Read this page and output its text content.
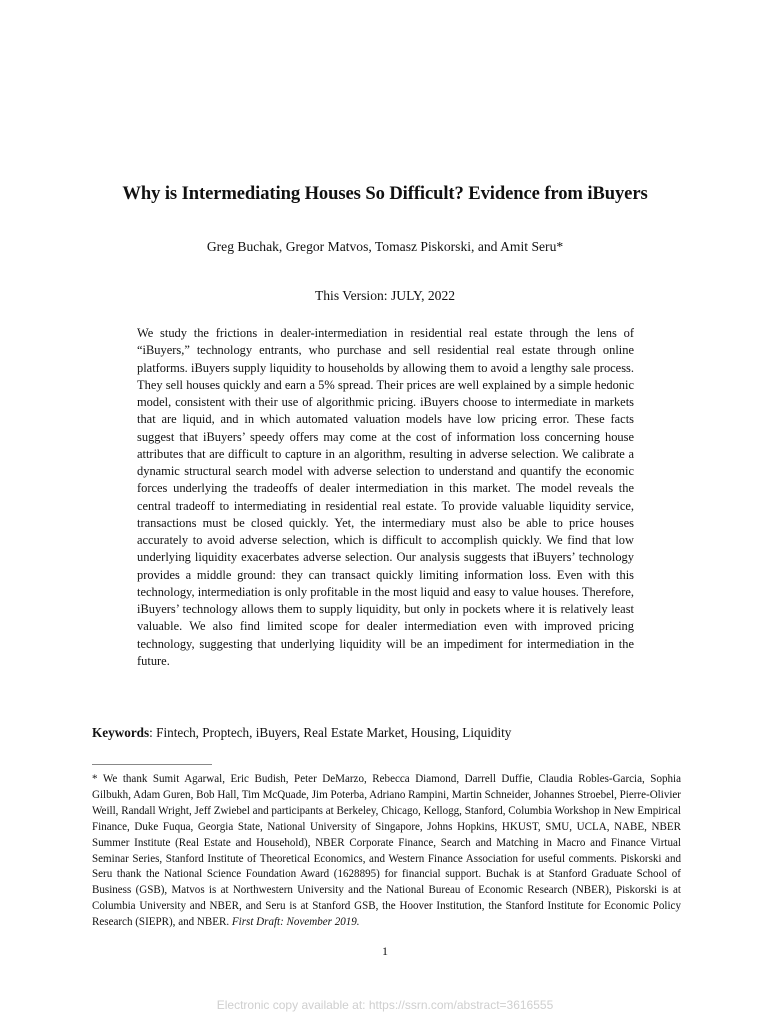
Why is Intermediating Houses So Difficult? Evidence from iBuyers
Greg Buchak, Gregor Matvos, Tomasz Piskorski, and Amit Seru*
This Version: JULY, 2022

We study the frictions in dealer-intermediation in residential real estate through the lens of “iBuyers,” technology entrants, who purchase and sell residential real estate through online platforms. iBuyers supply liquidity to households by allowing them to avoid a lengthy sale process. They sell houses quickly and earn a 5% spread. Their prices are well explained by a simple hedonic model, consistent with their use of algorithmic pricing. iBuyers choose to intermediate in markets that are liquid, and in which automated valuation models have low pricing error. These facts suggest that iBuyers’ speedy offers may come at the cost of information loss concerning house attributes that are difficult to capture in an algorithm, resulting in adverse selection. We calibrate a dynamic structural search model with adverse selection to understand and quantify the economic forces underlying the tradeoffs of dealer intermediation in this market. The model reveals the central tradeoff to intermediating in residential real estate. To provide valuable liquidity service, transactions must be closed quickly. Yet, the intermediary must also be able to price houses accurately to avoid adverse selection, which is difficult to accomplish quickly. We find that low underlying liquidity exacerbates adverse selection. Our analysis suggests that iBuyers’ technology provides a middle ground: they can transact quickly limiting information loss. Even with this technology, intermediation is only profitable in the most liquid and easy to value houses. Therefore, iBuyers’ technology allows them to supply liquidity, but only in pockets where it is relatively least valuable. We also find limited scope for dealer intermediation even with improved pricing technology, suggesting that underlying liquidity will be an impediment for intermediation in the future.

Keywords: Fintech, Proptech, iBuyers, Real Estate Market, Housing, Liquidity

* We thank Sumit Agarwal, Eric Budish, Peter DeMarzo, Rebecca Diamond, Darrell Duffie, Claudia Robles-Garcia, Sophia Gilbukh, Adam Guren, Bob Hall, Tim McQuade, Jim Poterba, Adriano Rampini, Martin Schneider, Johannes Stroebel, Pierre-Olivier Weill, Randall Wright, Jeff Zwiebel and participants at Berkeley, Chicago, Kellogg, Stanford, Columbia Workshop in New Empirical Finance, Duke Fuqua, Georgia State, National University of Singapore, Johns Hopkins, HKUST, SMU, UCLA, NABE, NBER Summer Institute (Real Estate and Household), NBER Corporate Finance, Search and Matching in Macro and Finance Virtual Seminar Series, Stanford Institute of Theoretical Economics, and Western Finance Association for useful comments. Piskorski and Seru thank the National Science Foundation Award (1628895) for financial support. Buchak is at Stanford Graduate School of Business (GSB), Matvos is at Northwestern University and the National Bureau of Economic Research (NBER), Piskorski is at Columbia University and NBER, and Seru is at Stanford GSB, the Hoover Institution, the Stanford Institute for Economic Policy Research (SIEPR), and NBER. First Draft: November 2019.

1
Electronic copy available at: https://ssrn.com/abstract=3616555
